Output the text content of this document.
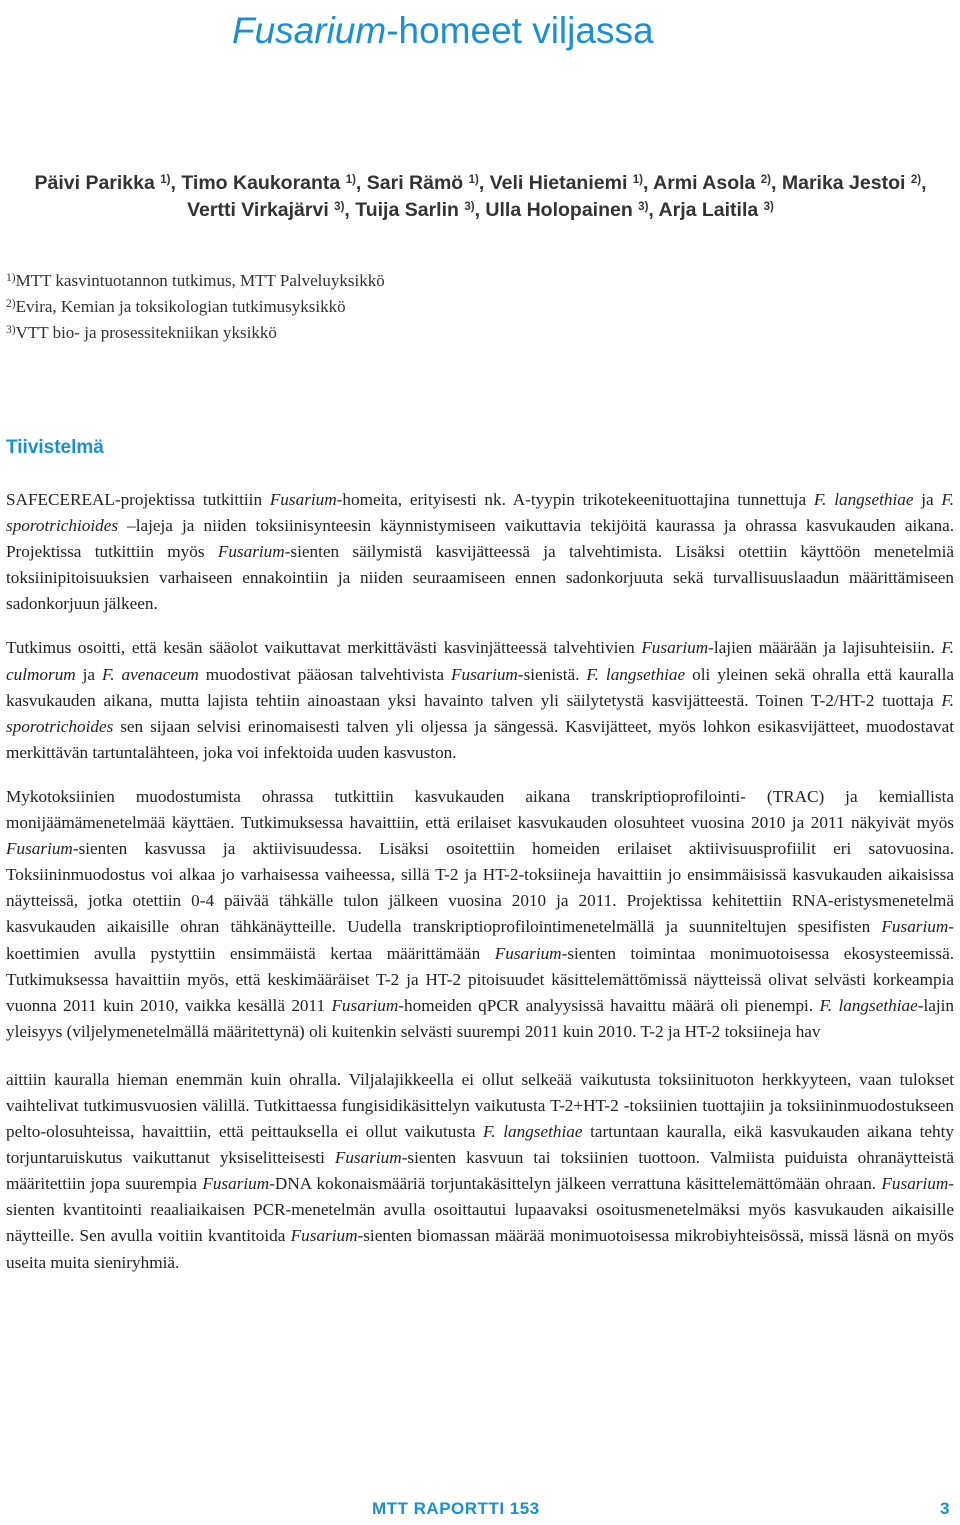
Fusarium-homeet viljassa
Päivi Parikka $^{1)}$, Timo Kaukoranta $^{1)}$, Sari Rämö $^{1)}$, Veli Hietaniemi $^{1)}$, Armi Asola $^{2)}$, Marika Jestoi $^{2)}$, Vertti Virkajärvi $^{3)}$, Tuija Sarlin $^{3)}$, Ulla Holopainen $^{3)}$, Arja Laitila $^{3)}$
$^{1)}$MTT kasvintuotannon tutkimus, MTT Palveluyksikkö
$^{2)}$Evira, Kemian ja toksikologian tutkimusyksikkö
$^{3)}$VTT bio- ja prosessitekniikan yksikkö
Tiivistelmä

SAFECEREAL-projektissa tutkittiin Fusarium-homeita, erityisesti nk. A-tyypin trikotekeenituottajina tunnettuja F. langsethiae ja F. sporotrichioides –lajeja ja niiden toksiinisynteesin käynnistymiseen vaikuttavia tekijöitä kaurassa ja ohrassa kasvukauden aikana. Projektissa tutkittiin myös Fusarium-sienten säilymistä kasvijätteessä ja talvehtimista. Lisäksi otettiin käyttöön menetelmiä toksiinipitoisuuksien varhaiseen ennakointiin ja niiden seuraamiseen ennen sadonkorjuuta sekä turvallisuuslaadun määrittämiseen sadonkorjuun jälkeen.

Tutkimus osoitti, että kesän sääolot vaikuttavat merkittävästi kasvinjätteessä talvehtivien Fusarium-lajien määrään ja lajisuhteisiin. F. culmorum ja F. avenaceum muodostivat pääosan talvehtivista Fusarium-sienistä. F. langsethiae oli yleinen sekä ohralla että kauralla kasvukauden aikana, mutta lajista tehtiin ainoastaan yksi havainto talven yli säilytetystä kasvijätteestä. Toinen T-2/HT-2 tuottaja F. sporotrichoides sen sijaan selvisi erinomaisesti talven yli oljessa ja sängessä. Kasvijätteet, myös lohkon esikasvijätteet, muodostavat merkittävän tartuntalähteen, joka voi infektoida uuden kasvuston.

Mykotoksiinien muodostumista ohrassa tutkittiin kasvukauden aikana transkriptioprofilointi- (TRAC) ja kemiallista monijäämämenetelmää käyttäen. Tutkimuksessa havaittiin, että erilaiset kasvukauden olosuhteet vuosina 2010 ja 2011 näkyivät myös Fusarium-sienten kasvussa ja aktiivisuudessa. Lisäksi osoitettiin homeiden erilaiset aktiivisuusprofiilit eri satovuosina. Toksiininmuodostus voi alkaa jo varhaisessa vaiheessa, sillä T-2 ja HT-2-toksiineja havaittiin jo ensimmäisissä kasvukauden aikaisissa näytteissä, jotka otettiin 0-4 päivää tähkälle tulon jälkeen vuosina 2010 ja 2011. Projektissa kehitettiin RNA-eristysmenetelmä kasvukauden aikaisille ohran tähkänäytteille. Uudella transkriptioprofilointimenetelmällä ja suunniteltujen spesifisten Fusarium-koettimien avulla pystyttiin ensimmäistä kertaa määrittämään Fusarium-sienten toimintaa monimuotoisessa ekosysteemissä. Tutkimuksessa havaittiin myös, että keskimääräiset T-2 ja HT-2 pitoisuudet käsittelemättömissä näytteissä olivat selvästi korkeampia vuonna 2011 kuin 2010, vaikka kesällä 2011 Fusarium-homeiden qPCR analyysissä havaittu määrä oli pienempi. F. langsethiae-lajin yleisyys (viljelymenetelmällä määritettynä) oli kuitenkin selvästi suurempi 2011 kuin 2010. T-2 ja HT-2 toksiineja hav

aittiin kauralla hieman enemmän kuin ohralla. Viljalajikkeella ei ollut selkeää vaikutusta toksiinituoton herkkyyteen, vaan tulokset vaihtelivat tutkimusvuosien välillä. Tutkittaessa fungisidikäsittelyn vaikutusta T-2+HT-2 -toksiinien tuottajiin ja toksiininmuodostukseen pelto-olosuhteissa, havaittiin, että peittauksella ei ollut vaikutusta F. langsethiae tartuntaan kauralla, eikä kasvukauden aikana tehty torjuntaruiskutus vaikuttanut yksiselitteisesti Fusarium-sienten kasvuun tai toksiinien tuottoon. Valmiista puiduista ohranäytteistä määritettiin jopa suurempia Fusarium-DNA kokonaismääriä torjuntakäsittelyn jälkeen verrattuna käsittelemättömään ohraan. Fusarium-sienten kvantitointi reaaliaikaisen PCR-menetelmän avulla osoittautui lupaavaksi osoitusmenetelmäksi myös kasvukauden aikaisille näytteille. Sen avulla voitiin kvantitoida Fusarium-sienten biomassan määrää monimuotoisessa mikrobiyhteisössä, missä läsnä on myös useita muita sieniryhmiä.

MTT RAPORTTI 153	3
